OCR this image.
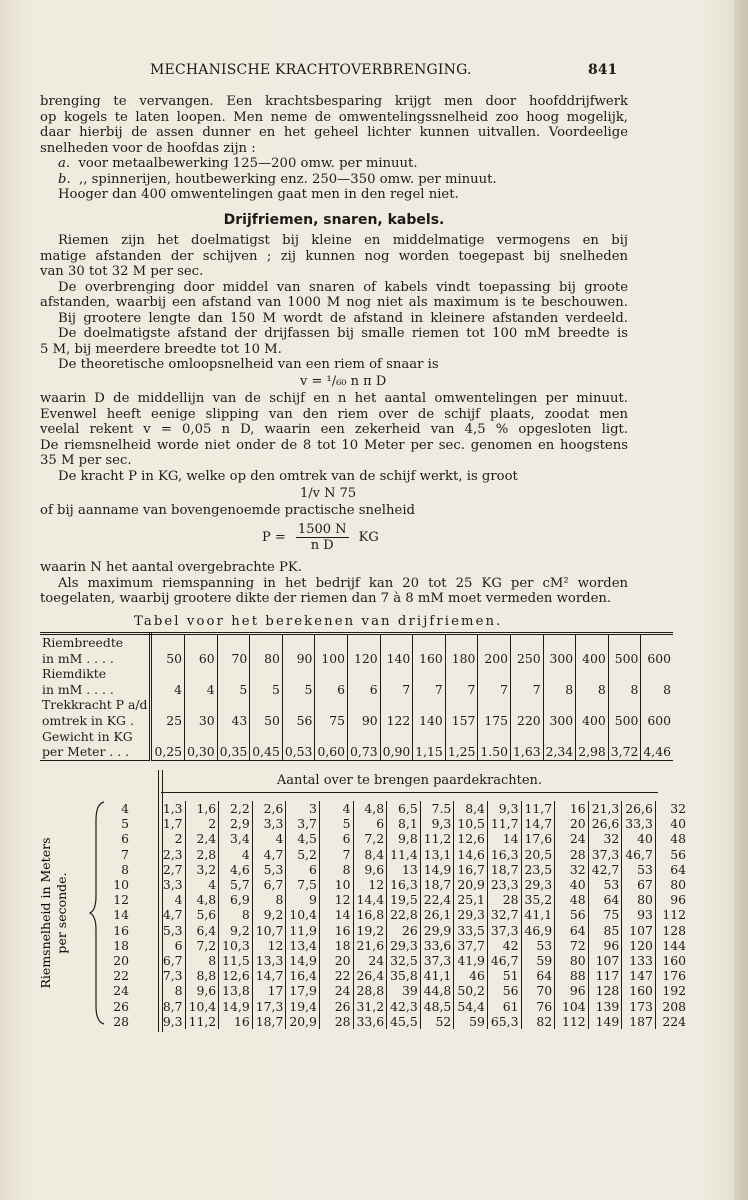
MECHANISCHE KRACHTOVERBRENGING.	841
brenging te vervangen. Een krachtsbesparing krijgt men door hoofddrijfwerk
op kogels te laten loopen. Men neme de omwentelingssnelheid zoo hoog mogelijk,
daar hierbij de assen dunner en het geheel lichter kunnen uitvallen. Voordeelige
snelheden voor de hoofdas zijn :
a. voor metaalbewerking 125—200 omw. per minuut.
b. ,, spinnerijen, houtbewerking enz. 250—350 omw. per minuut.
Hooger dan 400 omwentelingen gaat men in den regel niet.
Drijfriemen, snaren, kabels.
Riemen zijn het doelmatigst bij kleine en middelmatige vermogens en bij
matige afstanden der schijven ; zij kunnen nog worden toegepast bij snelheden
van 30 tot 32 M per sec.
De overbrenging door middel van snaren of kabels vindt toepassing bij groote
afstanden, waarbij een afstand van 1000 M nog niet als maximum is te beschouwen.
Bij grootere lengte dan 150 M wordt de afstand in kleinere afstanden verdeeld.
De doelmatigste afstand der drijfassen bij smalle riemen tot 100 mM breedte is
5 M, bij meerdere breedte tot 10 M.
De theoretische omloopsnelheid van een riem of snaar is
v = ¹/₆₀ n π D
waarin D de middellijn van de schijf en n het aantal omwentelingen per minuut.
Evenwel heeft eenige slipping van den riem over de schijf plaats, zoodat men
veelal rekent v = 0,05 n D, waarin een zekerheid van 4,5 % opgesloten ligt.
De riemsnelheid worde niet onder de 8 tot 10 Meter per sec. genomen en hoogstens
35 M per sec.
De kracht P in KG, welke op den omtrek van de schijf werkt, is groot
1/v N 75
of bij aanname van bovengenoemde practische snelheid
$P = \frac{1500 N}{\text{n D}}$ KG
waarin N het aantal overgebrachte PK.
Als maximum riemspanning in het bedrijf kan 20 tot 25 KG per cM² worden
toegelaten, waarbij grootere dikte der riemen dan 7 à 8 mM moet vermeden worden.
Tabel voor het berekenen van drijfriemen.
Riembreedte																
in mM . . . .	50	60	70	80	90	100	120	140	160	180	200	250	300	400	500	600
Riemdikte																
in mM . . . .	4	4	5	5	5	6	6	7	7	7	7	7	8	8	8	8
Trekkracht P a/d																
omtrek in KG .	25	30	43	50	56	75	90	122	140	157	175	220	300	400	500	600
Gewicht in KG																
per Meter . . .	0,25	0,30	0,35	0,45	0,53	0,60	0,73	0,90	1,15	1,25	1.50	1,63	2,34	2,98	3,72	4,46
Aantal over te brengen paardekrachten.
Riemsnelheid in Meters per seconde.
4	1,3	1,6	2,2	2,6	3	4	4,8	6,5	7.5	8,4	9,3	11,7	16	21,3	26,6	32
5	1,7	2	2,9	3,3	3,7	5	6	8,1	9,3	10,5	11,7	14,7	20	26,6	33,3	40
6	2	2,4	3,4	4	4,5	6	7,2	9,8	11,2	12,6	14	17,6	24	32	40	48
7	2,3	2,8	4	4,7	5,2	7	8,4	11,4	13,1	14,6	16,3	20,5	28	37,3	46,7	56
8	2,7	3,2	4,6	5,3	6	8	9,6	13	14,9	16,7	18,7	23,5	32	42,7	53	64
10	3,3	4	5,7	6,7	7,5	10	12	16,3	18,7	20,9	23,3	29,3	40	53	67	80
12	4	4,8	6,9	8	9	12	14,4	19,5	22,4	25,1	28	35,2	48	64	80	96
14	4,7	5,6	8	9,2	10,4	14	16,8	22,8	26,1	29,3	32,7	41,1	56	75	93	112
16	5,3	6,4	9,2	10,7	11,9	16	19,2	26	29,9	33,5	37,3	46,9	64	85	107	128
18	6	7,2	10,3	12	13,4	18	21,6	29,3	33,6	37,7	42	53	72	96	120	144
20	6,7	8	11,5	13,3	14,9	20	24	32,5	37,3	41,9	46,7	59	80	107	133	160
22	7,3	8,8	12,6	14,7	16,4	22	26,4	35,8	41,1	46	51	64	88	117	147	176
24	8	9,6	13,8	17	17,9	24	28,8	39	44,8	50,2	56	70	96	128	160	192
26	8,7	10,4	14,9	17,3	19,4	26	31,2	42,3	48,5	54,4	61	76	104	139	173	208
28	9,3	11,2	16	18,7	20,9	28	33,6	45,5	52	59	65,3	82	112	149	187	224
